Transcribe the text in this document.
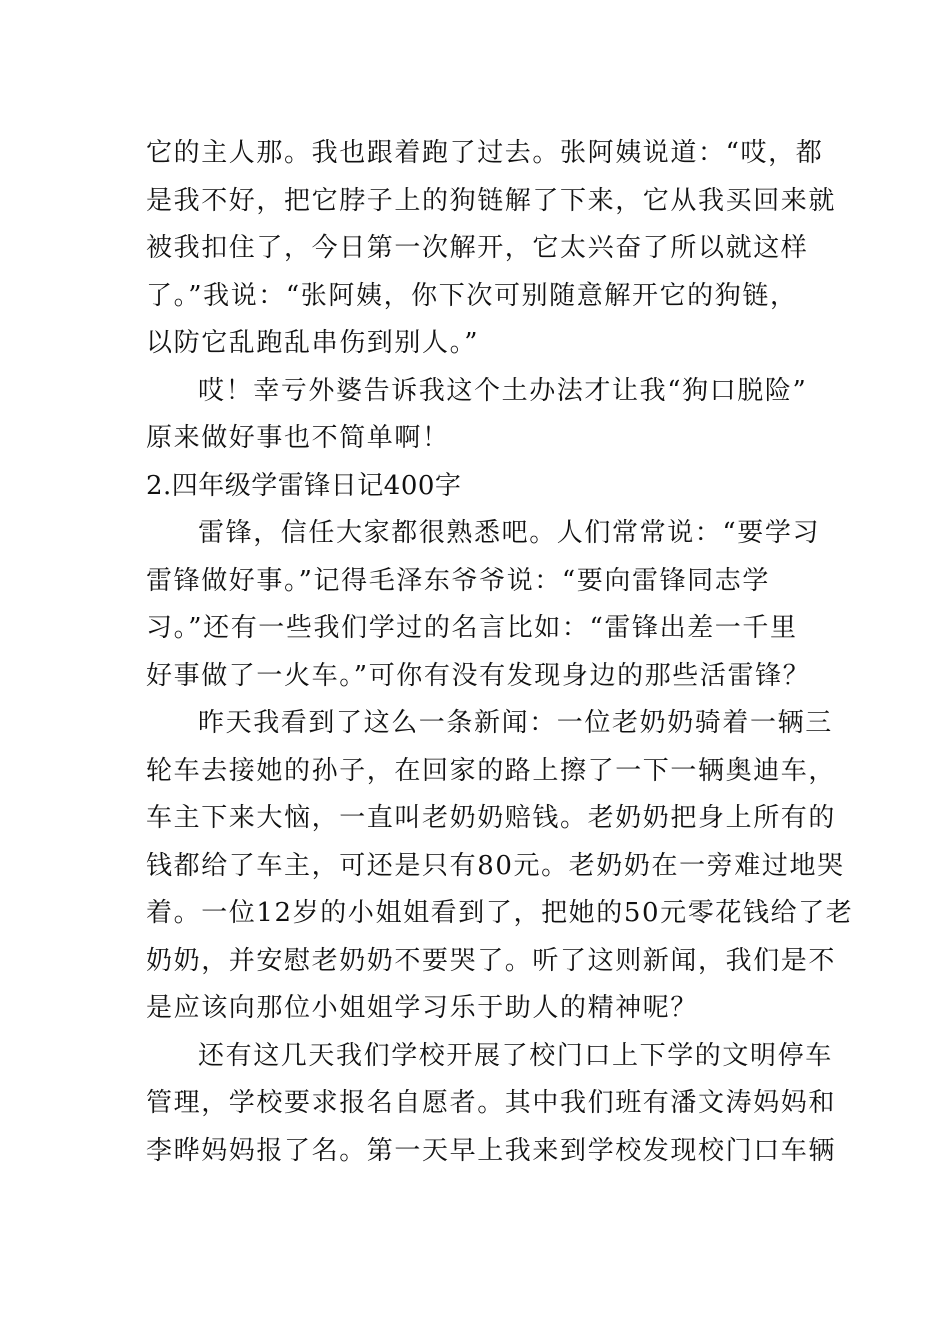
它的主人那。我也跟着跑了过去。张阿姨说道：“哎，都
是我不好，把它脖子上的狗链解了下来，它从我买回来就
被我扣住了，今日第一次解开，它太兴奋了所以就这样
了。”我说：“张阿姨，你下次可别随意解开它的狗链，
以防它乱跑乱串伤到别人。”
哎！幸亏外婆告诉我这个土办法才让我“狗口脱险”
原来做好事也不简单啊！
2.四年级学雷锋日记400字
雷锋，信任大家都很熟悉吧。人们常常说：“要学习
雷锋做好事。”记得毛泽东爷爷说：“要向雷锋同志学
习。”还有一些我们学过的名言比如：“雷锋出差一千里
好事做了一火车。”可你有没有发现身边的那些活雷锋？
昨天我看到了这么一条新闻：一位老奶奶骑着一辆三
轮车去接她的孙子，在回家的路上擦了一下一辆奥迪车，
车主下来大恼，一直叫老奶奶赔钱。老奶奶把身上所有的
钱都给了车主，可还是只有80元。老奶奶在一旁难过地哭
着。一位12岁的小姐姐看到了，把她的50元零花钱给了老
奶奶，并安慰老奶奶不要哭了。听了这则新闻，我们是不
是应该向那位小姐姐学习乐于助人的精神呢？
还有这几天我们学校开展了校门口上下学的文明停车
管理，学校要求报名自愿者。其中我们班有潘文涛妈妈和
李晔妈妈报了名。第一天早上我来到学校发现校门口车辆
